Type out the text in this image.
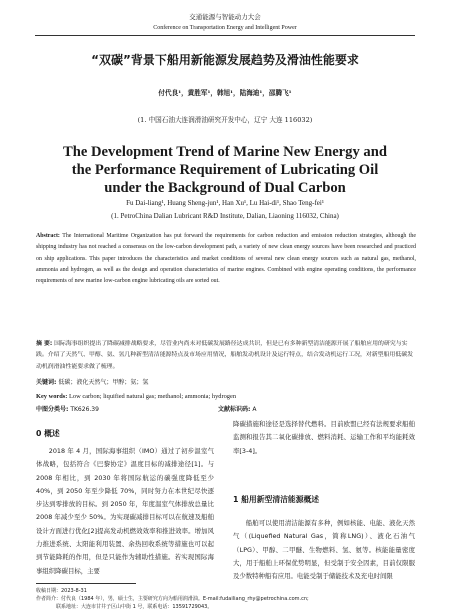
交通能源与智能动力大会
Conference on Transportation Energy and Intelligent Power
“双碳”背景下船用新能源发展趋势及滑油性能要求
付代良¹，黄胜军¹，韩旭¹，陆海迪¹，邵腾飞¹
(1. 中国石油大连润滑油研究开发中心，辽宁 大连 116032)
The Development Trend of Marine New Energy and
the Performance Requirement of Lubricating Oil
under the Background of Dual Carbon
Fu Dai-liang¹, Huang Sheng-jun¹, Han Xu¹, Lu Hai-di¹, Shao Teng-fei¹
(1. PetroChina Dalian Lubricant R&D Institute, Dalian, Liaoning 116032, China)
Abstract: The International Maritime Organization has put forward the requirements for carbon reduction and emission reduction strategies, although the shipping industry has not reached a consensus on the low-carbon development path, a variety of new clean energy sources have been researched and practiced on ship applications. This paper introduces the characteristics and market conditions of several new clean energy sources such as natural gas, methanol, ammonia and hydrogen, as well as the design and operation characteristics of marine engines. Combined with engine operating conditions, the performance requirements of new marine low-carbon engine lubricating oils are sorted out.
摘 要: 国际海事组织提出了降碳减排战略要求，尽管业内尚未对低碳发展路径达成共识，但是已有多种新型清洁能源开展了船舶应用的研究与实践。介绍了天然气、甲醇、氨、氢几种新型清洁能源特点及市场应用情况，船舶发动机设计及运行特点，结合发动机运行工况，对新型船用低碳发动机润滑油性能要求做了梳理。
关键词: 低碳；液化天然气；甲醇；氨；氢
Key words: Low carbon; liquified natural gas; methanol; ammonia; hydrogen
中图分类号: TK626.39	文献标识码: A
0 概述

2018 年 4 月，国际海事组织（IMO）通过了初步温室气体战略，包括符合《巴黎协定》温度目标的减排途径[1]。与 2008 年相比，到 2030 年将国际航运的碳强度降低至少 40%，到 2050 年至少降低 70%，同时努力在本世纪尽快逐步达到零排放的目标。到 2050 年，年度温室气体排放总量比 2008 年减少至少 50%。为实现碳减排目标可以在航速及船舶设计方面进行优化[2]提高发动机燃效效率和推进效率。增加风力推进系统、太阳能利用装置、余热回收系统等措施也可以起到节能降耗的作用，但是只能作为辅助性措施。若实现国际海事组织降碳目标，主要

降碳措施和途径是选择替代燃料。目前欧盟已经有法规要求船舶监测和报告其二氧化碳排放、燃料消耗、运输工作和平均能耗效率[3-4]。
1 船用新型清洁能源概述

船舶可以使用清洁能源有多种，例如核能、电能、液化天然气（(Liquefied Natural Gas，简称LNG)）、液化石油气（LPG）、甲醇、二甲醚、生物燃料、氢、氨等。核能能量密度大，用于船舶上环保优势明显，但受制于安全因素，目前仅限服及少数特种船有应用。电能受制于储能技术及充电时间限

收稿日期：2023-8-31
作者简介：付代良（1984 年），男，硕士生，主要研究方向为船用润滑油。E-mail:fudailiang_rhy@petrochina.com.cn;
联系地址：大连市甘井子区山中街 1 号，联系电话：13591729043。
